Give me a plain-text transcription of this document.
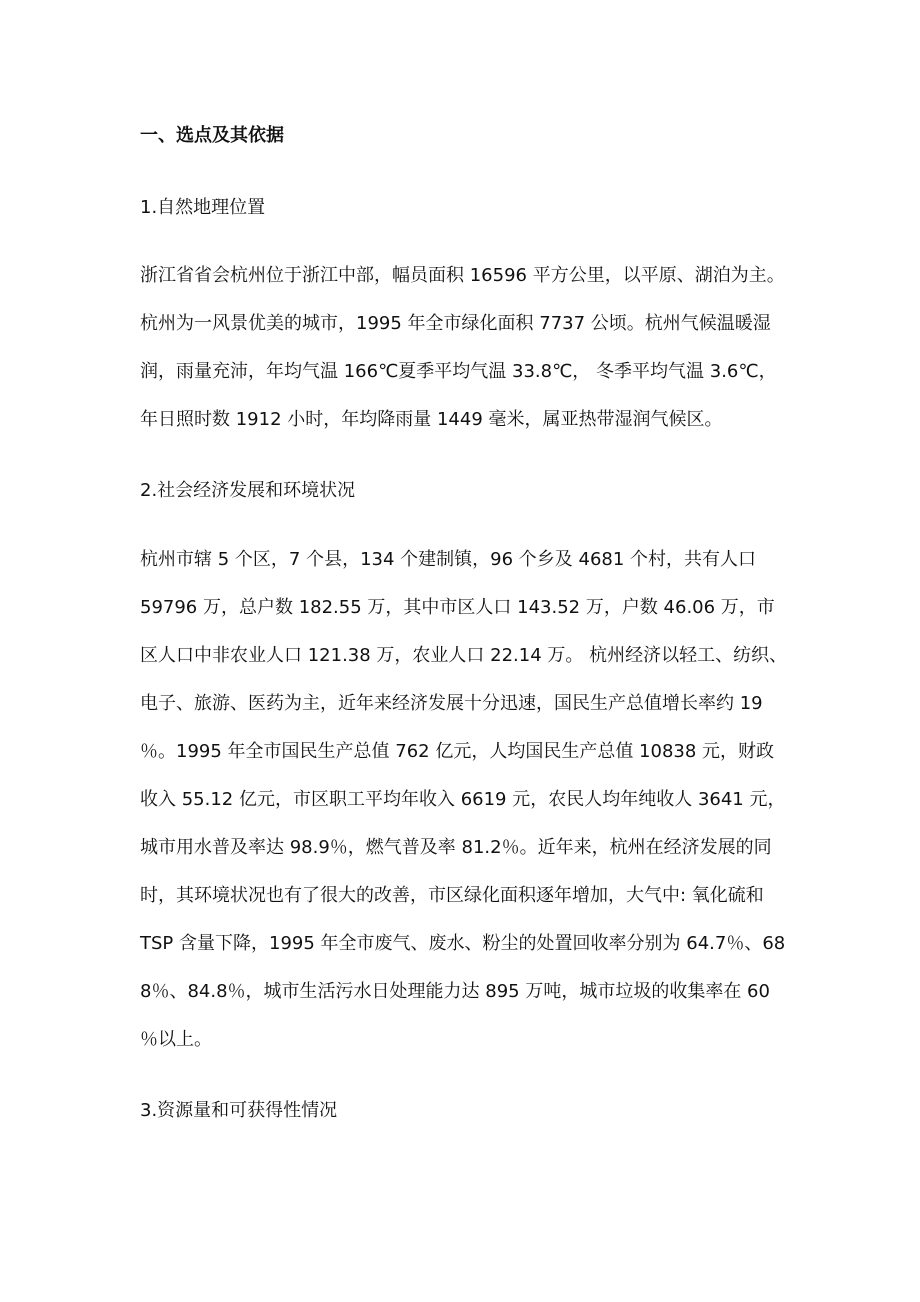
一、选点及其依据
1.自然地理位置
浙江省省会杭州位于浙江中部，幅员面积 16596 平方公里，以平原、湖泊为主。
杭州为一风景优美的城市，1995 年全市绿化面积 7737 公顷。杭州气候温暖湿
润，雨量充沛，年均气温 166℃夏季平均气温 33.8℃， 冬季平均气温 3.6℃，
年日照时数 1912 小时，年均降雨量 1449 毫米，属亚热带湿润气候区。
2.社会经济发展和环境状况
杭州市辖 5 个区，7 个县，134 个建制镇，96 个乡及 4681 个村，共有人口
59796 万，总户数 182.55 万，其中市区人口 143.52 万，户数 46.06 万，市
区人口中非农业人口 121.38 万，农业人口 22.14 万。 杭州经济以轻工、纺织、
电子、旅游、医药为主，近年来经济发展十分迅速，国民生产总值增长率约 19
％。1995 年全市国民生产总值 762 亿元，人均国民生产总值 10838 元，财政
收入 55.12 亿元，市区职工平均年收入 6619 元，农民人均年纯收人 3641 元，
城市用水普及率达 98.9％，燃气普及率 81.2％。近年来，杭州在经济发展的同
时，其环境状况也有了很大的改善，市区绿化面积逐年增加，大气中: 氧化硫和
TSP 含量下降，1995 年全市废气、废水、粉尘的处置回收率分别为 64.7％、68
8％、84.8％，城市生活污水日处理能力达 895 万吨，城市垃圾的收集率在 60
％以上。
3.资源量和可获得性情况
